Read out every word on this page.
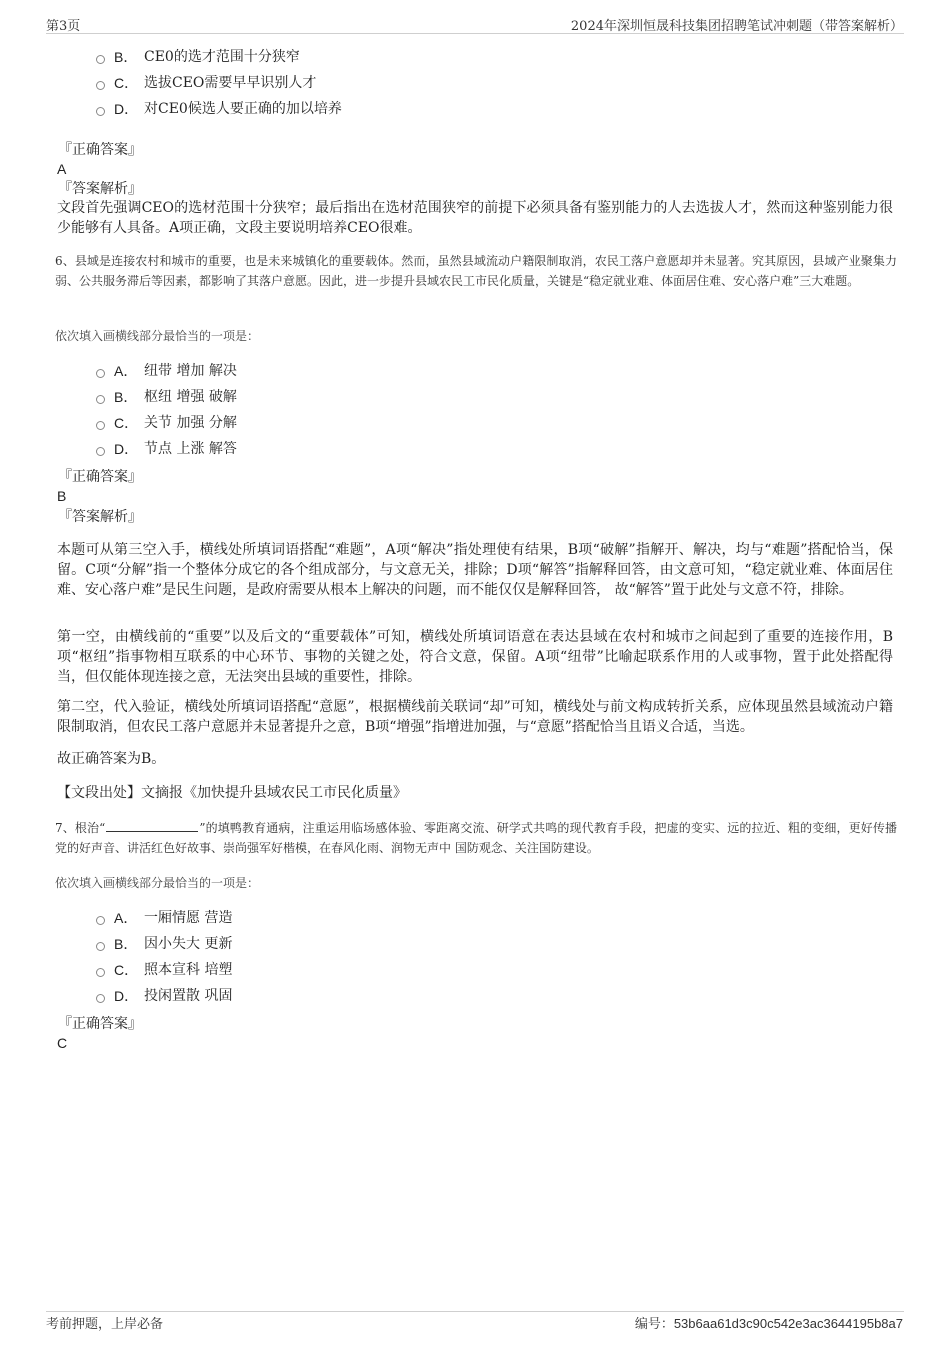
第3页	2024年深圳恒晟科技集团招聘笔试冲刺题（带答案解析）
B． CE0的选才范围十分狭窄
C． 选拔CEO需要早早识别人才
D． 对CE0候选人要正确的加以培养
『正确答案』
A
『答案解析』
文段首先强调CEO的选材范围十分狭窄；最后指出在选材范围狭窄的前提下必须具备有鉴别能力的人去选拔人才，然而这种鉴别能力很少能够有人具备。A项正确，文段主要说明培养CEO很难。
6、县域是连接农村和城市的重要，也是未来城镇化的重要载体。然而，虽然县域流动户籍限制取消，农民工落户意愿却并未显著。究其原因，县域产业聚集力弱、公共服务滞后等因素，都影响了其落户意愿。因此，进一步提升县域农民工市民化质量，关键是“稳定就业难、体面居住难、安心落户难”三大难题。
依次填入画横线部分最恰当的一项是：
A． 纽带 增加 解决
B． 枢纽 增强 破解
C． 关节 加强 分解
D． 节点 上涨 解答
『正确答案』
B
『答案解析』
本题可从第三空入手，横线处所填词语搭配“难题”，A项“解决”指处理使有结果，B项“破解”指解开、解决，均与“难题”搭配恰当，保留。C项“分解”指一个整体分成它的各个组成部分，与文意无关，排除；D项“解答”指解释回答，由文意可知，“稳定就业难、体面居住难、安心落户难”是民生问题，是政府需要从根本上解决的问题，而不能仅仅是解释回答， 故“解答”置于此处与文意不符，排除。
第一空，由横线前的“重要”以及后文的“重要载体”可知，横线处所填词语意在表达县域在农村和城市之间起到了重要的连接作用，B项“枢纽”指事物相互联系的中心环节、事物的关键之处，符合文意，保留。A项“纽带”比喻起联系作用的人或事物，置于此处搭配得当，但仅能体现连接之意，无法突出县域的重要性，排除。
第二空，代入验证，横线处所填词语搭配“意愿”，根据横线前关联词“却”可知，横线处与前文构成转折关系，应体现虽然县域流动户籍限制取消，但农民工落户意愿并未显著提升之意，B项“增强”指增进加强，与“意愿”搭配恰当且语义合适，当选。
故正确答案为B。
【文段出处】文摘报《加快提升县域农民工市民化质量》
7、根治“	”的填鸭教育通病，注重运用临场感体验、零距离交流、研学式共鸣的现代教育手段，把虚的变实、远的拉近、粗的变细，更好传播党的好声音、讲活红色好故事、崇尚强军好楷模，在春风化雨、润物无声中 国防观念、关注国防建设。
依次填入画横线部分最恰当的一项是：
A． 一厢情愿 营造
B． 因小失大 更新
C． 照本宣科 培塑
D． 投闲置散 巩固
『正确答案』
C
考前押题，上岸必备	编号：53b6aa61d3c90c542e3ac3644195b8a7
